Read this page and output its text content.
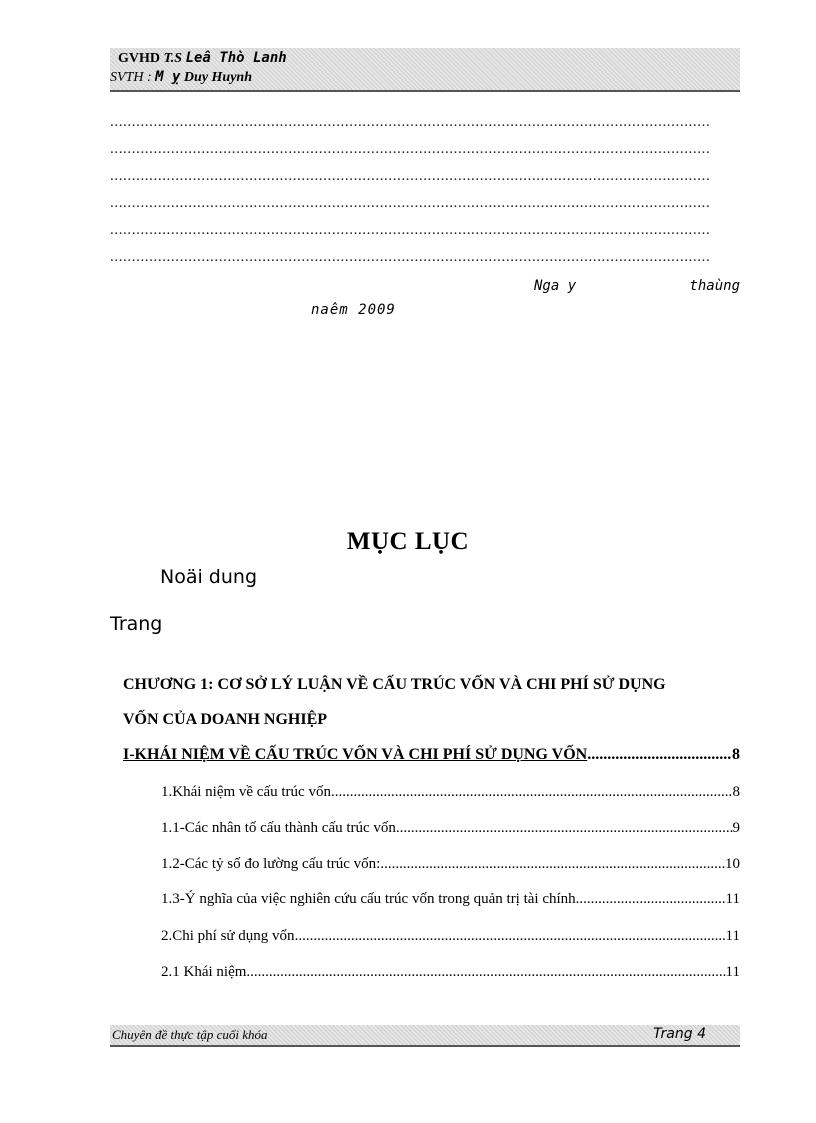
GVHD T.S Leâ Thò Lanh
SVTH : M ỵ Duy Huynh
..........................................................................................................................................
..........................................................................................................................................
..........................................................................................................................................
..........................................................................................................................................
..........................................................................................................................................
..........................................................................................................................................
Nga y	thaùng
naêm 2009
MỤC LỤC
Noäi dung
Trang
CHƯƠNG 1: CƠ SỞ LÝ LUẬN VỀ CẤU TRÚC VỐN VÀ CHI PHÍ SỬ DỤNG
VỐN CỦA DOANH NGHIỆP
I-KHÁI NIỆM VỀ CẤU TRÚC VỐN VÀ CHI PHÍ SỬ DỤNG VỐN .....	8
1.Khái niệm về cấu trúc vốn .....	8
1.1-Các nhân tố cấu thành cấu trúc vốn .....	9
1.2-Các tỷ số đo lường cấu trúc vốn: .....	10
1.3-Ý nghĩa của việc nghiên cứu cấu trúc vốn trong quản trị tài chính .....	11
2.Chi phí sử dụng vốn .....	11
2.1 Khái niệm .....	11
Chuyên đề thực tập cuối khóa	Trang 4
